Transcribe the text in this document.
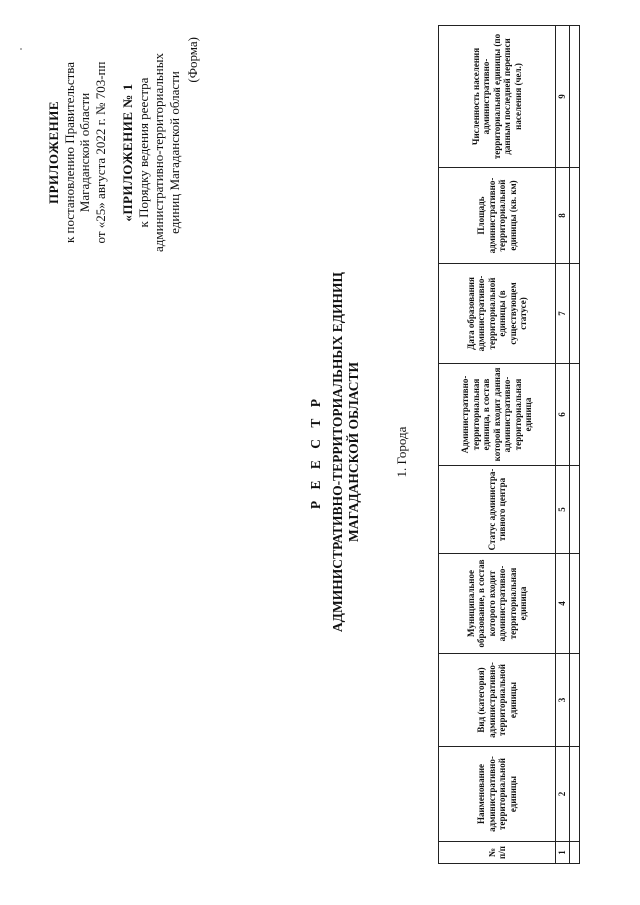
ПРИЛОЖЕНИЕ к постановлению Правительства Магаданской области от «25» августа 2022 г. № 703-пп «ПРИЛОЖЕНИЕ № 1 к Порядку ведения реестра административно-территориальных единиц Магаданской области
(Форма)
Р Е Е С Т Р АДМИНИСТРАТИВНО-ТЕРРИТОРИАЛЬНЫХ ЕДИНИЦ МАГАДАНСКОЙ ОБЛАСТИ	1. Города
№ п/п	Наименование административно-территориальной единицы	Вид (категория) административно-территориальной единицы	Муниципальное образование, в состав которого входит административно-территориальная единица	Статус администра-тивного центра	Административно-территориальная единица, в состав которой входит данная административно-территориальная единица	Дата образования административно-территориальной единицы (в существующем статусе)	Площадь административно-территориальной единицы (кв. км)	Численность населения административно-территориальной единицы (по данным последней переписи населения (чел.)
1	2	3	4	5	6	7	8	9
